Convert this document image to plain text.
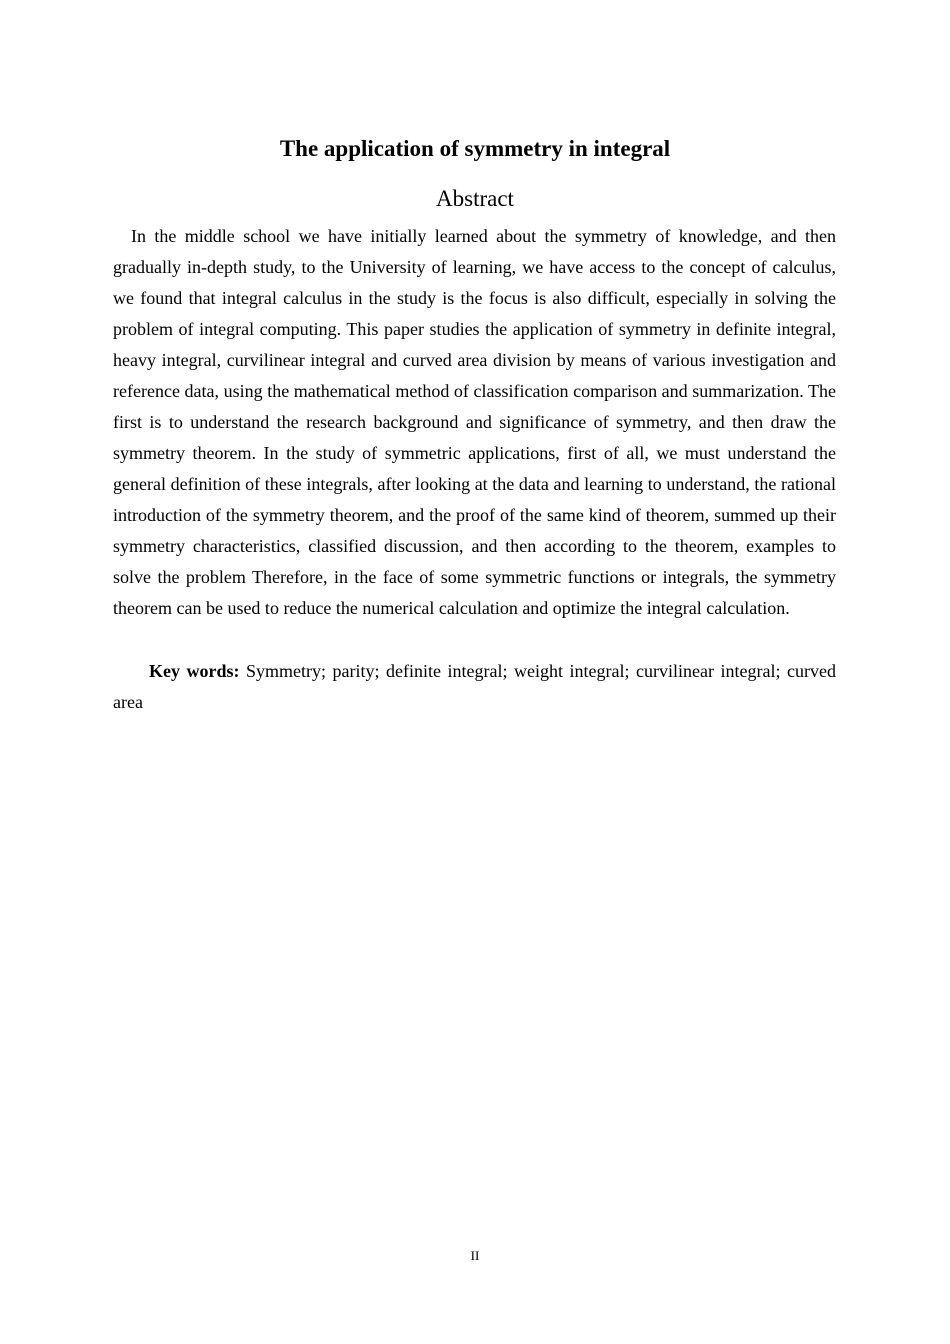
The application of symmetry in integral
Abstract

In the middle school we have initially learned about the symmetry of knowledge, and then gradually in-depth study, to the University of learning, we have access to the concept of calculus, we found that integral calculus in the study is the focus is also difficult, especially in solving the problem of integral computing. This paper studies the application of symmetry in definite integral, heavy integral, curvilinear integral and curved area division by means of various investigation and reference data, using the mathematical method of classification comparison and summarization. The first is to understand the research background and significance of symmetry, and then draw the symmetry theorem. In the study of symmetric applications, first of all, we must understand the general definition of these integrals, after looking at the data and learning to understand, the rational introduction of the symmetry theorem, and the proof of the same kind of theorem, summed up their symmetry characteristics, classified discussion, and then according to the theorem, examples to solve the problem Therefore, in the face of some symmetric functions or integrals, the symmetry theorem can be used to reduce the numerical calculation and optimize the integral calculation.

Key words: Symmetry; parity; definite integral; weight integral; curvilinear integral; curved area

II
